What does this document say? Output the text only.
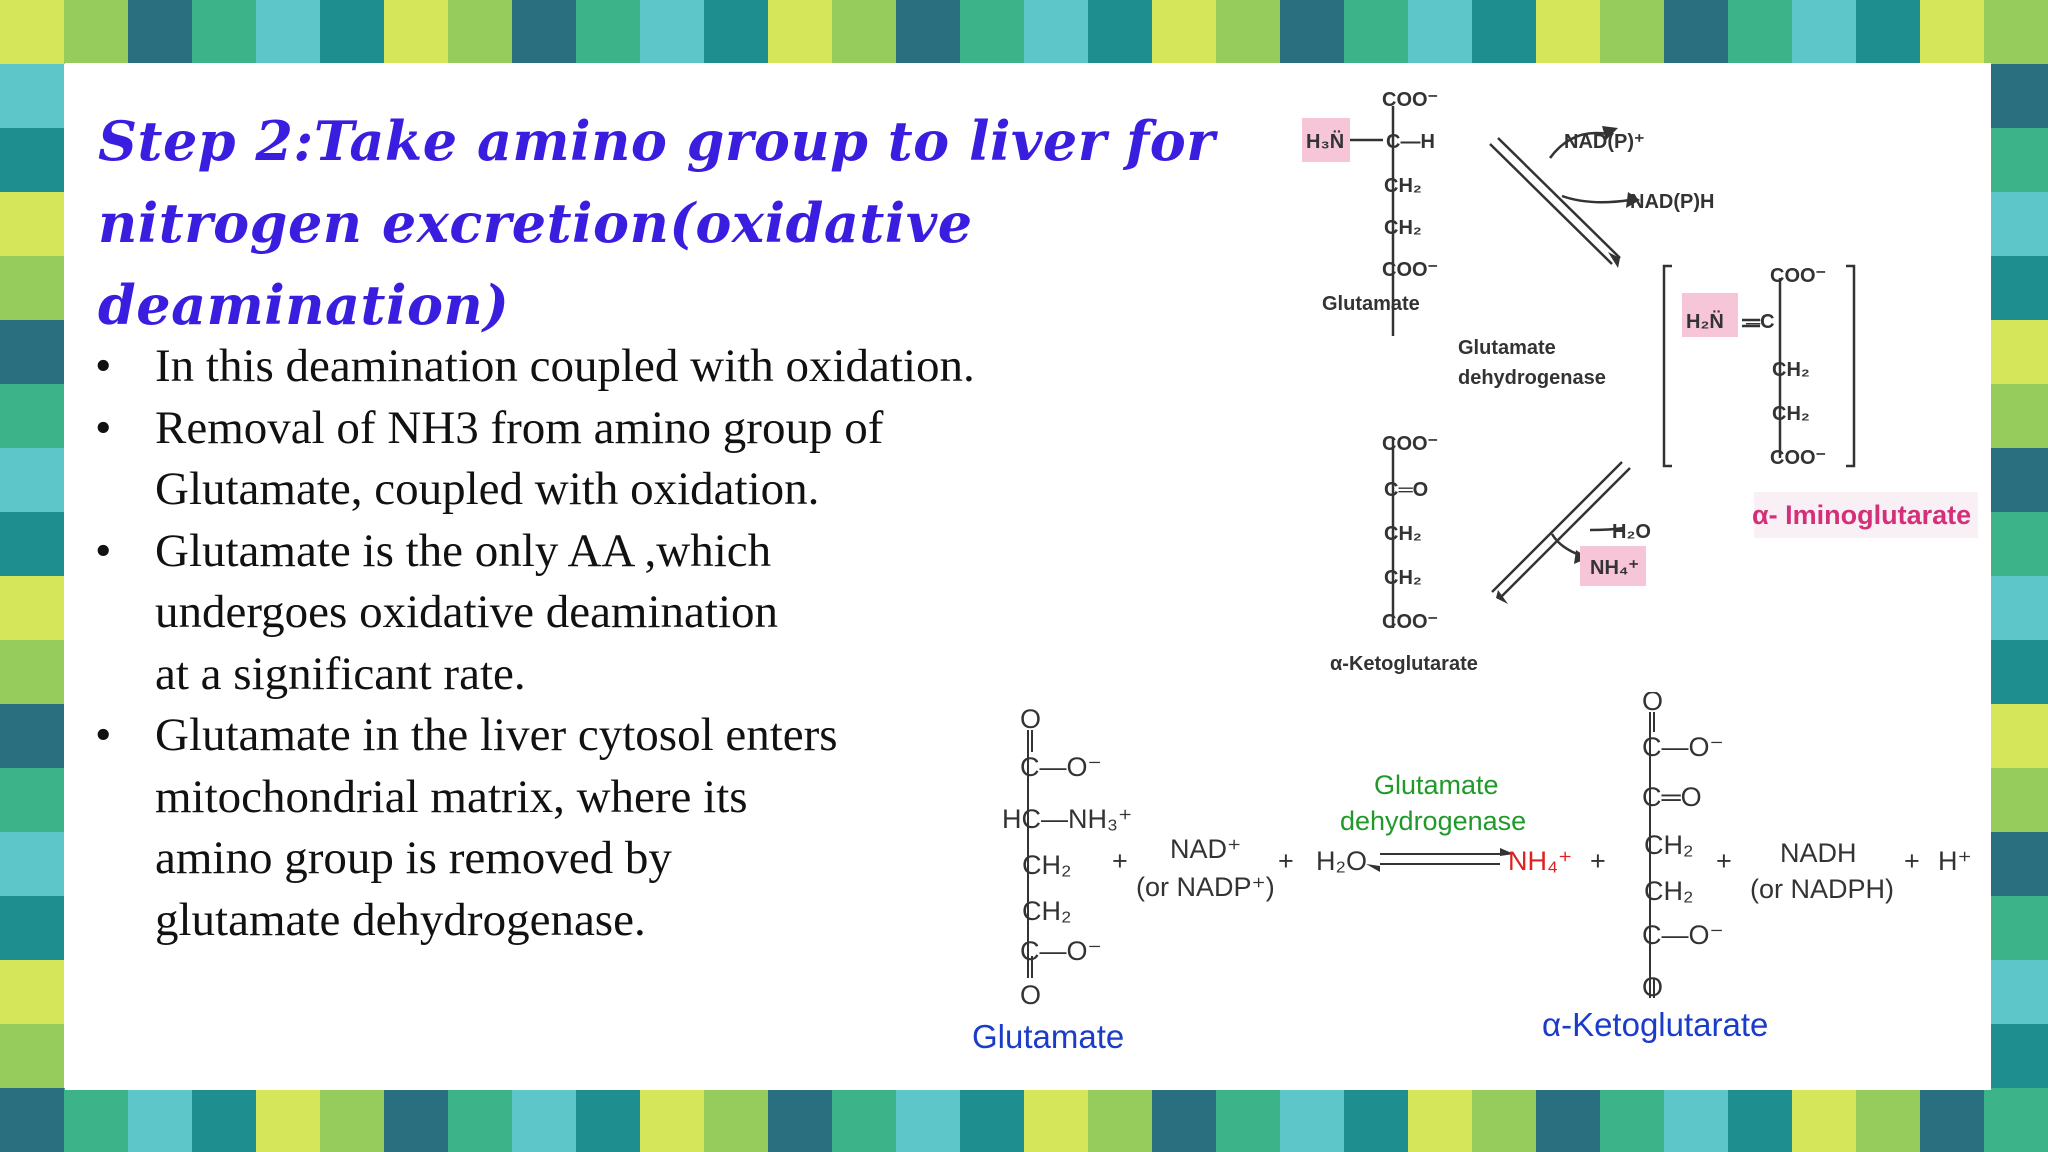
Step 2:Take amino group to liver for
nitrogen excretion(oxidative
deamination)
• In this deamination coupled with oxidation.
• Removal of NH3 from amino group of
Glutamate, coupled with oxidation.
• Glutamate is the only AA ,which
undergoes oxidative deamination
at a significant rate.
• Glutamate in the liver cytosol enters
mitochondrial matrix, where its
amino group is removed by
glutamate dehydrogenase.
COO⁻
H₃N̈ C—H
CH₂
CH₂
COO⁻
Glutamate
NAD(P)⁺
NAD(P)H
Glutamate
dehydrogenase
COO⁻
H₂N̈ ═C
CH₂
CH₂
COO⁻
COO⁻
C═O
CH₂
CH₂
COO⁻
α-Ketoglutarate
H₂O
NH₄⁺
α- Iminoglutarate
O
C—O⁻
HC—NH₃⁺
CH₂
CH₂
C—O⁻
O
+ NAD⁺
(or NADP⁺)
+ H₂O	+
O
C—O⁻
C═O
CH₂
CH₂
C—O⁻
O
+ NADH
(or NADPH)
+ H⁺
Glutamate
dehydrogenase
NH₄⁺
Glutamate	α-Ketoglutarate
